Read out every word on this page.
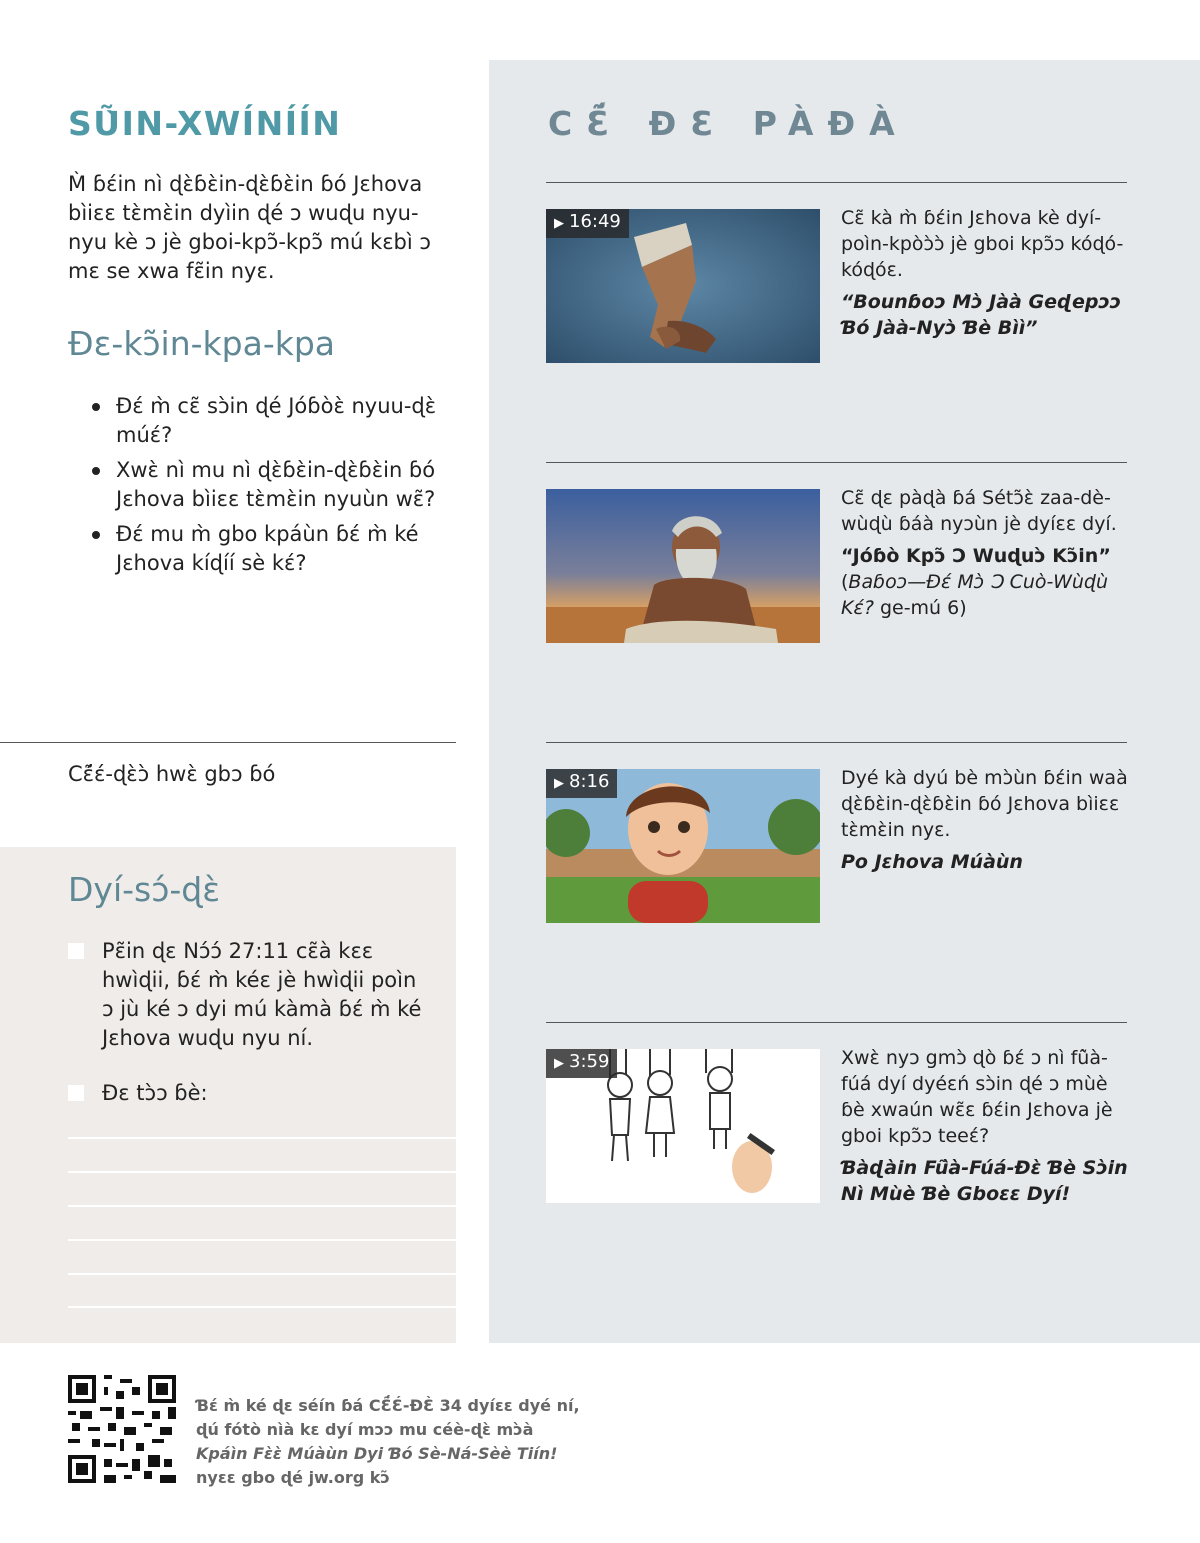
SŨ̀IN-XWÍNÍÍN

M̀ ɓɛ́in nì ɖɛ̀ɓɛ̀in-ɖɛ̀ɓɛ̀in ɓó Jɛhova bìiɛɛ tɛ̀mɛ̀in dyìin ɖé ɔ wuɖu nyu-nyu kè ɔ jè gboi-kpɔ̃-kpɔ̃ mú kɛbì ɔ mɛ se xwa fɛ̃in nyɛ.

Ɖɛ-kɔ̃in-kpa-kpa
Ɖɛ́ m̀ cɛ̃ sɔ̀in ɖé Jóɓòɛ̀ nyuu-ɖɛ̀ múɛ́?
Xwɛ̀ nì mu nì ɖɛ̀ɓɛ̀in-ɖɛ̀ɓɛ̀in ɓó Jɛhova bìiɛɛ tɛ̀mɛ̀in nyuùn wɛ̃?
Ɖɛ́ mu m̀ gbo kpáùn ɓɛ́ m̀ ké Jɛhova kíɖíí sè kɛ́?
Cɛ̃́ɛ́-ɖɛ̀ɔ̀ hwɛ̀ gbɔ ɓó
Dyí-sɔ́-ɖɛ̀
Pɛ̃in ɖɛ Nɔ́ɔ́ 27:11 cɛ̃à kɛɛ hwìɖii, ɓɛ́ m̀ kéɛ jè hwìɖii poìn ɔ jù ké ɔ dyi mú kàmà ɓɛ́ m̀ ké Jɛhova wuɖu nyu ní.
Ɖɛ tɔ̀ɔ ɓè:
CƐ̃́ ƉƐ PÀƉÀ
▶ 16:49	Cɛ̃ kà m̀ ɓɛ́in Jɛhova kè dyí-poìn-kpòɔ̀ɔ̀ jè gboi kpɔ̃ɔ kóɖó-kóɖóɛ.
“Bounɓoɔ Mɔ̀ Jàà Geɖepɔɔ Ɓó Jàà-Nyɔ̀ Ɓè Bìì”
Cɛ̃ ɖɛ pàɖà ɓá Sétɔ̃ɛ̀ zaa-dè-wùɖù ɓáà nyɔùn jè dyíɛɛ dyí.
“Jóɓò Kpɔ̃ Ɔ Wuɖuɔ̀ Kɔ̃in”
(Baɓoɔ—Ɖɛ́ Mɔ̀ Ɔ Cuò-Wùɖù Kɛ́? ge-mú 6)
▶ 8:16	Dyé kà dyú bè mɔ̀ùn ɓɛ́in waà ɖɛ̀ɓɛ̀in-ɖɛ̀ɓɛ̀in ɓó Jɛhova bìiɛɛ tɛ̀mɛ̀in nyɛ.
Po Jɛhova Múàùn
▶ 3:59	Xwɛ̀ nyɔ gmɔ̀ ɖò ɓɛ́ ɔ nì fũ̀à-fúá dyí dyéɛń sɔ̀in ɖé ɔ mùè ɓè xwaún wɛ̃ɛ ɓɛ́in Jɛhova jè gboi kpɔ̃ɔ teeɛ́?
Ɓàɖàin Fũ̀à-Fúá-Ɖɛ̀ Ɓè Sɔ̀in Nì Mùè Ɓè Gboɛɛ Dyí!
Ɓɛ́ m̀ ké ɖɛ séín ɓá CƐ̃́Ɛ́-ƉƐ̀ 34 dyíɛɛ dyé ní,
ɖú fótò nìà kɛ dyí mɔɔ mu céè-ɖɛ̀ mɔ̀à
Kpáìn Fɛ̀ɛ̀ Múàùn Dyi Ɓó Sè-Ná-Sèè Tiín!
nyɛɛ gbo ɖé jw.org kɔ̃
